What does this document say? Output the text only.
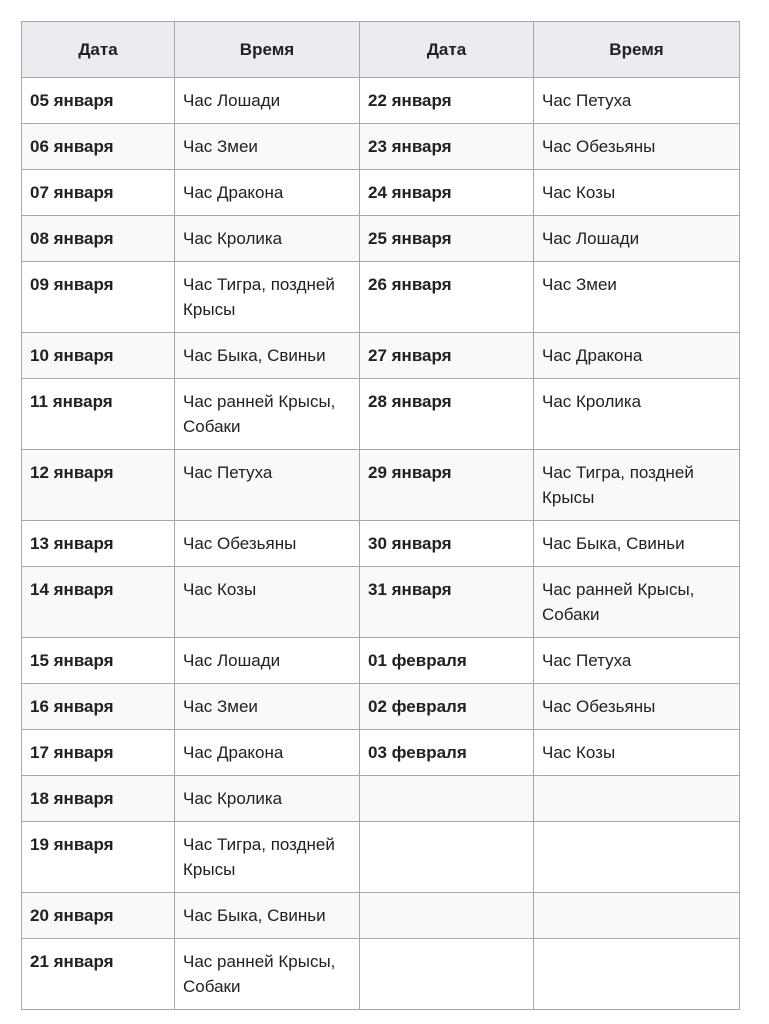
Дата	Время	Дата	Время
05 января	Час Лошади	22 января	Час Петуха
06 января	Час Змеи	23 января	Час Обезьяны
07 января	Час Дракона	24 января	Час Козы
08 января	Час Кролика	25 января	Час Лошади
09 января	Час Тигра, поздней Крысы	26 января	Час Змеи
10 января	Час Быка, Свиньи	27 января	Час Дракона
11 января	Час ранней Крысы, Собаки	28 января	Час Кролика
12 января	Час Петуха	29 января	Час Тигра, поздней Крысы
13 января	Час Обезьяны	30 января	Час Быка, Свиньи
14 января	Час Козы	31 января	Час ранней Крысы, Собаки
15 января	Час Лошади	01 февраля	Час Петуха
16 января	Час Змеи	02 февраля	Час Обезьяны
17 января	Час Дракона	03 февраля	Час Козы
18 января	Час Кролика		
19 января	Час Тигра, поздней Крысы		
20 января	Час Быка, Свиньи		
21 января	Час ранней Крысы, Собаки		
